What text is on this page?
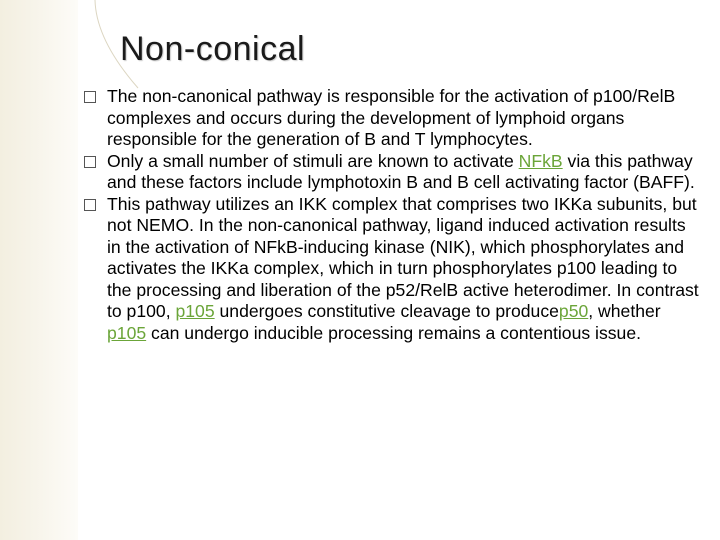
Non-conical

The non-canonical pathway is responsible for the activation of p100/RelB complexes and occurs during the development of lymphoid organs responsible for the generation of B and T lymphocytes.

Only a small number of stimuli are known to activate NFkB via this pathway and these factors include lymphotoxin B and B cell activating factor (BAFF).

This pathway utilizes an IKK complex that comprises two IKKa subunits, but not NEMO. In the non-canonical pathway, ligand induced activation results in the activation of NFkB-inducing kinase (NIK), which phosphorylates and activates the IKKa complex, which in turn phosphorylates p100 leading to the processing and liberation of the p52/RelB active heterodimer. In contrast to p100, p105 undergoes constitutive cleavage to producep50, whether p105 can undergo inducible processing remains a contentious issue.
